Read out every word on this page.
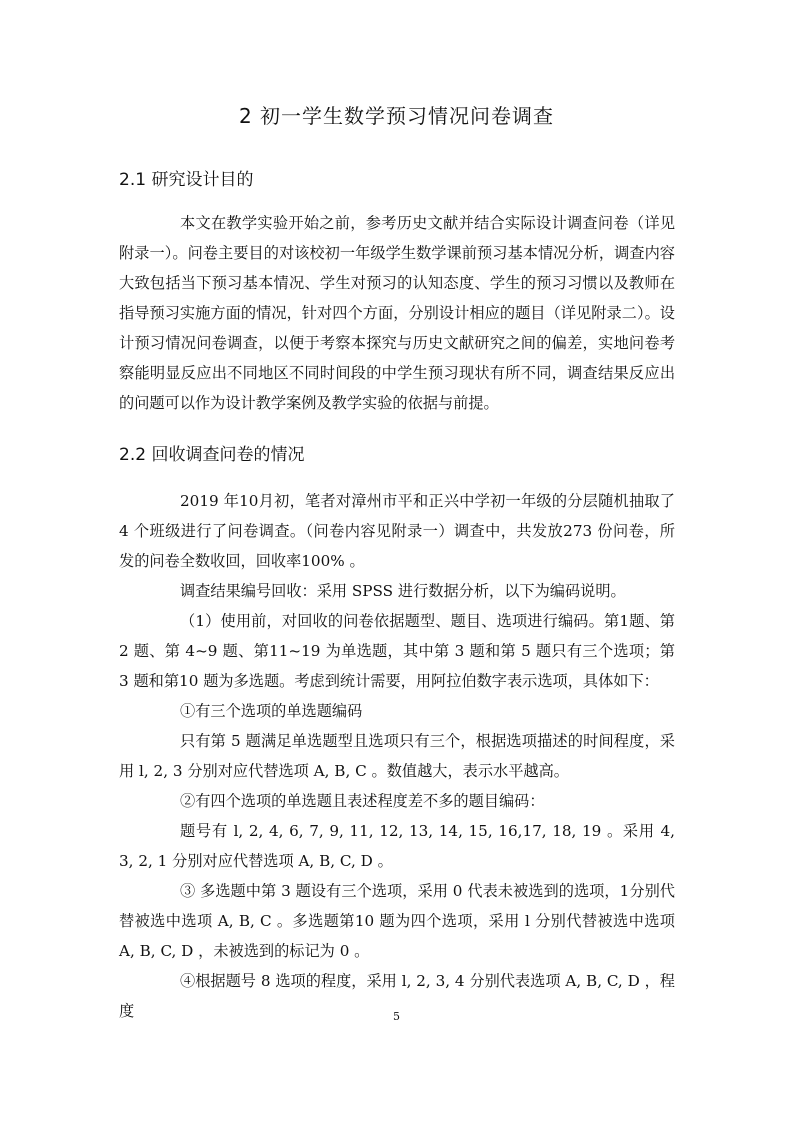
2 初一学生数学预习情况问卷调查
2.1 研究设计目的

本文在教学实验开始之前，参考历史文献并结合实际设计调查问卷（详见附录一）。问卷主要目的对该校初一年级学生数学课前预习基本情况分析，调查内容大致包括当下预习基本情况、学生对预习的认知态度、学生的预习习惯以及教师在指导预习实施方面的情况，针对四个方面，分别设计相应的题目（详见附录二）。设计预习情况问卷调查，以便于考察本探究与历史文献研究之间的偏差，实地问卷考察能明显反应出不同地区不同时间段的中学生预习现状有所不同，调查结果反应出的问题可以作为设计教学案例及教学实验的依据与前提。

2.2 回收调查问卷的情况

2019 年10月初，笔者对漳州市平和正兴中学初一年级的分层随机抽取了 4 个班级进行了问卷调查。（问卷内容见附录一）调查中，共发放273 份问卷，所发的问卷全数收回，回收率100% 。

调查结果编号回收：采用 SPSS 进行数据分析，以下为编码说明。

（1）使用前，对回收的问卷依据题型、题目、选项进行编码。第1题、第 2 题、第 4~9 题、第11~19 为单选题，其中第 3 题和第 5 题只有三个选项；第 3 题和第10 题为多选题。考虑到统计需要，用阿拉伯数字表示选项，具体如下：

①有三个选项的单选题编码

只有第 5 题满足单选题型且选项只有三个，根据选项描述的时间程度，采用 l, 2, 3 分别对应代替选项 A, B, C 。数值越大，表示水平越高。

②有四个选项的单选题且表述程度差不多的题目编码：

题号有 l, 2, 4, 6, 7, 9, 11, 12, 13, 14, 15, 16,17, 18, 19 。采用 4, 3, 2, 1 分别对应代替选项 A, B, C, D 。

③ 多选题中第 3 题设有三个选项，采用 0 代表未被选到的选项，1分别代替被选中选项 A, B, C 。多选题第10 题为四个选项，采用 l 分别代替被选中选项 A, B, C, D ，未被选到的标记为 0 。

④根据题号 8 选项的程度，采用 l, 2, 3, 4 分别代表选项 A, B, C, D ，程度	5
